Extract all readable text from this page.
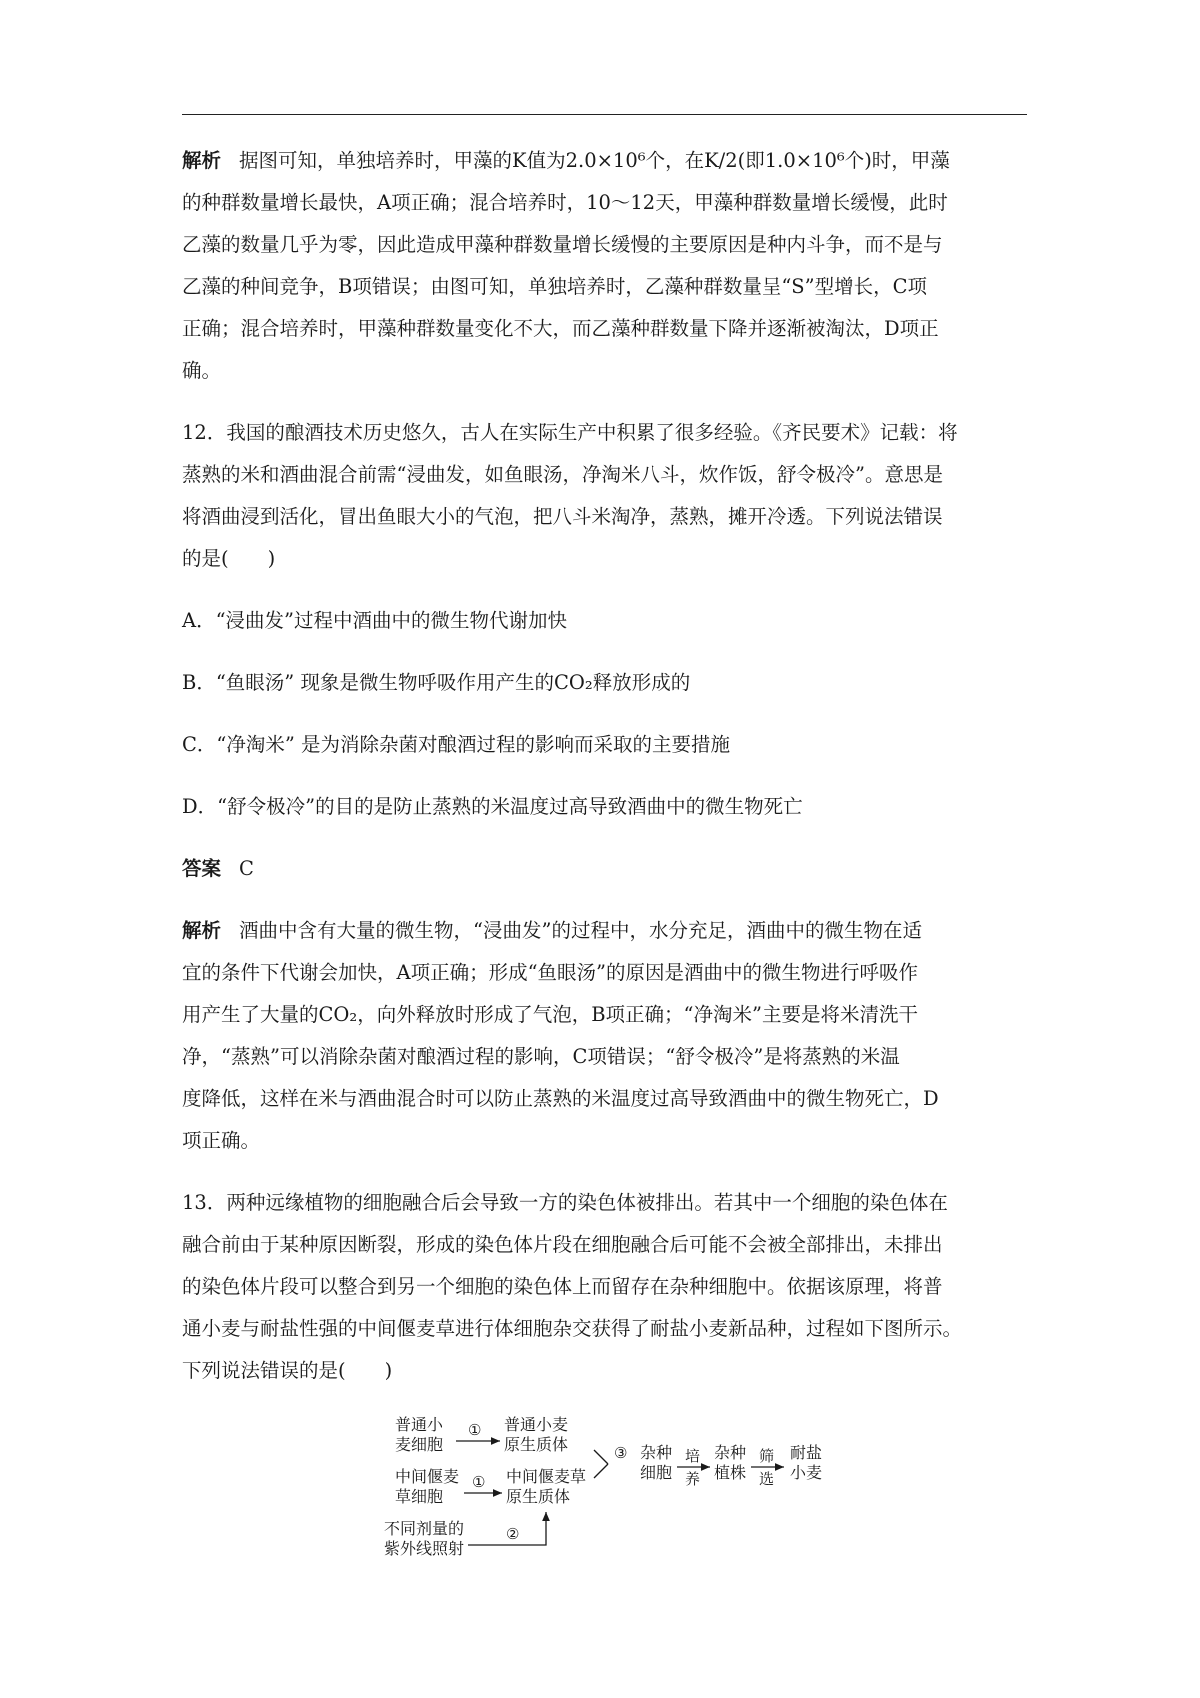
解析 据图可知，单独培养时，甲藻的K值为2.0×10⁶个，在K/2(即1.0×10⁶个)时，甲藻

的种群数量增长最快，A项正确；混合培养时，10～12天，甲藻种群数量增长缓慢，此时

乙藻的数量几乎为零，因此造成甲藻种群数量增长缓慢的主要原因是种内斗争，而不是与

乙藻的种间竞争，B项错误；由图可知，单独培养时，乙藻种群数量呈“S”型增长，C项

正确；混合培养时，甲藻种群数量变化不大，而乙藻种群数量下降并逐渐被淘汰，D项正

确。

12．我国的酿酒技术历史悠久，古人在实际生产中积累了很多经验。《齐民要术》记载：将

蒸熟的米和酒曲混合前需“浸曲发，如鱼眼汤，净淘米八斗，炊作饭，舒令极冷”。意思是

将酒曲浸到活化，冒出鱼眼大小的气泡，把八斗米淘净，蒸熟，摊开冷透。下列说法错误

的是(　　)

A．“浸曲发”过程中酒曲中的微生物代谢加快

B．“鱼眼汤” 现象是微生物呼吸作用产生的CO₂释放形成的

C．“净淘米” 是为消除杂菌对酿酒过程的影响而采取的主要措施

D．“舒令极冷”的目的是防止蒸熟的米温度过高导致酒曲中的微生物死亡

答案 C

解析 酒曲中含有大量的微生物，“浸曲发”的过程中，水分充足，酒曲中的微生物在适

宜的条件下代谢会加快，A项正确；形成“鱼眼汤”的原因是酒曲中的微生物进行呼吸作

用产生了大量的CO₂，向外释放时形成了气泡，B项正确；“净淘米”主要是将米清洗干

净，“蒸熟”可以消除杂菌对酿酒过程的影响，C项错误；“舒令极冷”是将蒸熟的米温

度降低，这样在米与酒曲混合时可以防止蒸熟的米温度过高导致酒曲中的微生物死亡，D

项正确。

13．两种远缘植物的细胞融合后会导致一方的染色体被排出。若其中一个细胞的染色体在

融合前由于某种原因断裂，形成的染色体片段在细胞融合后可能不会被全部排出，未排出

的染色体片段可以整合到另一个细胞的染色体上而留存在杂种细胞中。依据该原理，将普

通小麦与耐盐性强的中间偃麦草进行体细胞杂交获得了耐盐小麦新品种，过程如下图所示。

下列说法错误的是(　　)

普通小
麦细胞
① 普通小麦
原生质体
中间偃麦
草细胞
① 中间偃麦草
原生质体
不同剂量的
紫外线照射
②
③ 杂种
细胞
培
养
杂种
植株
筛
选
耐盐
小麦
